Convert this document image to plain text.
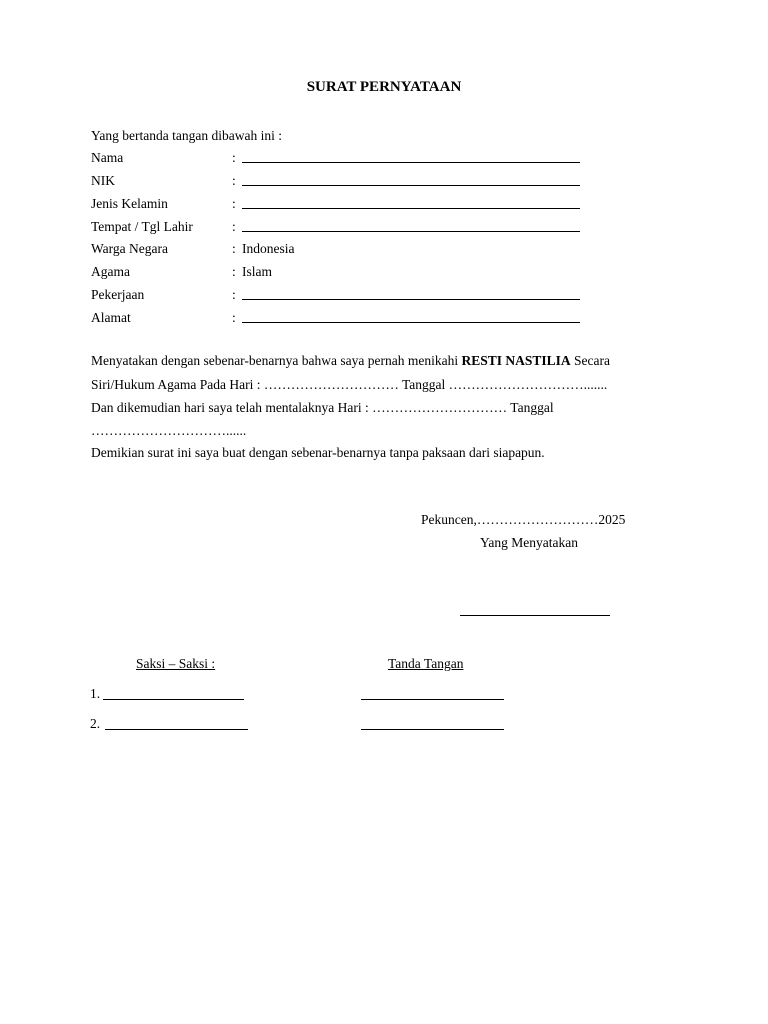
SURAT PERNYATAAN
Yang bertanda tangan dibawah ini :
Nama	:
NIK	:
Jenis Kelamin	:
Tempat / Tgl Lahir	:
Warga Negara	: Indonesia
Agama	: Islam
Pekerjaan	:
Alamat	:
Menyatakan dengan sebenar-benarnya bahwa saya pernah menikahi RESTI NASTILIA Secara
Siri/Hukum Agama Pada Hari : ………………………… Tanggal ………………………….......
Dan dikemudian hari saya telah mentalaknya Hari : ………………………… Tanggal
…………………………......
Demikian surat ini saya buat dengan sebenar-benarnya tanpa paksaan dari siapapun.
Pekuncen,………………………2025
Yang Menyatakan
Saksi – Saksi :	Tanda Tangan
1.
2.
